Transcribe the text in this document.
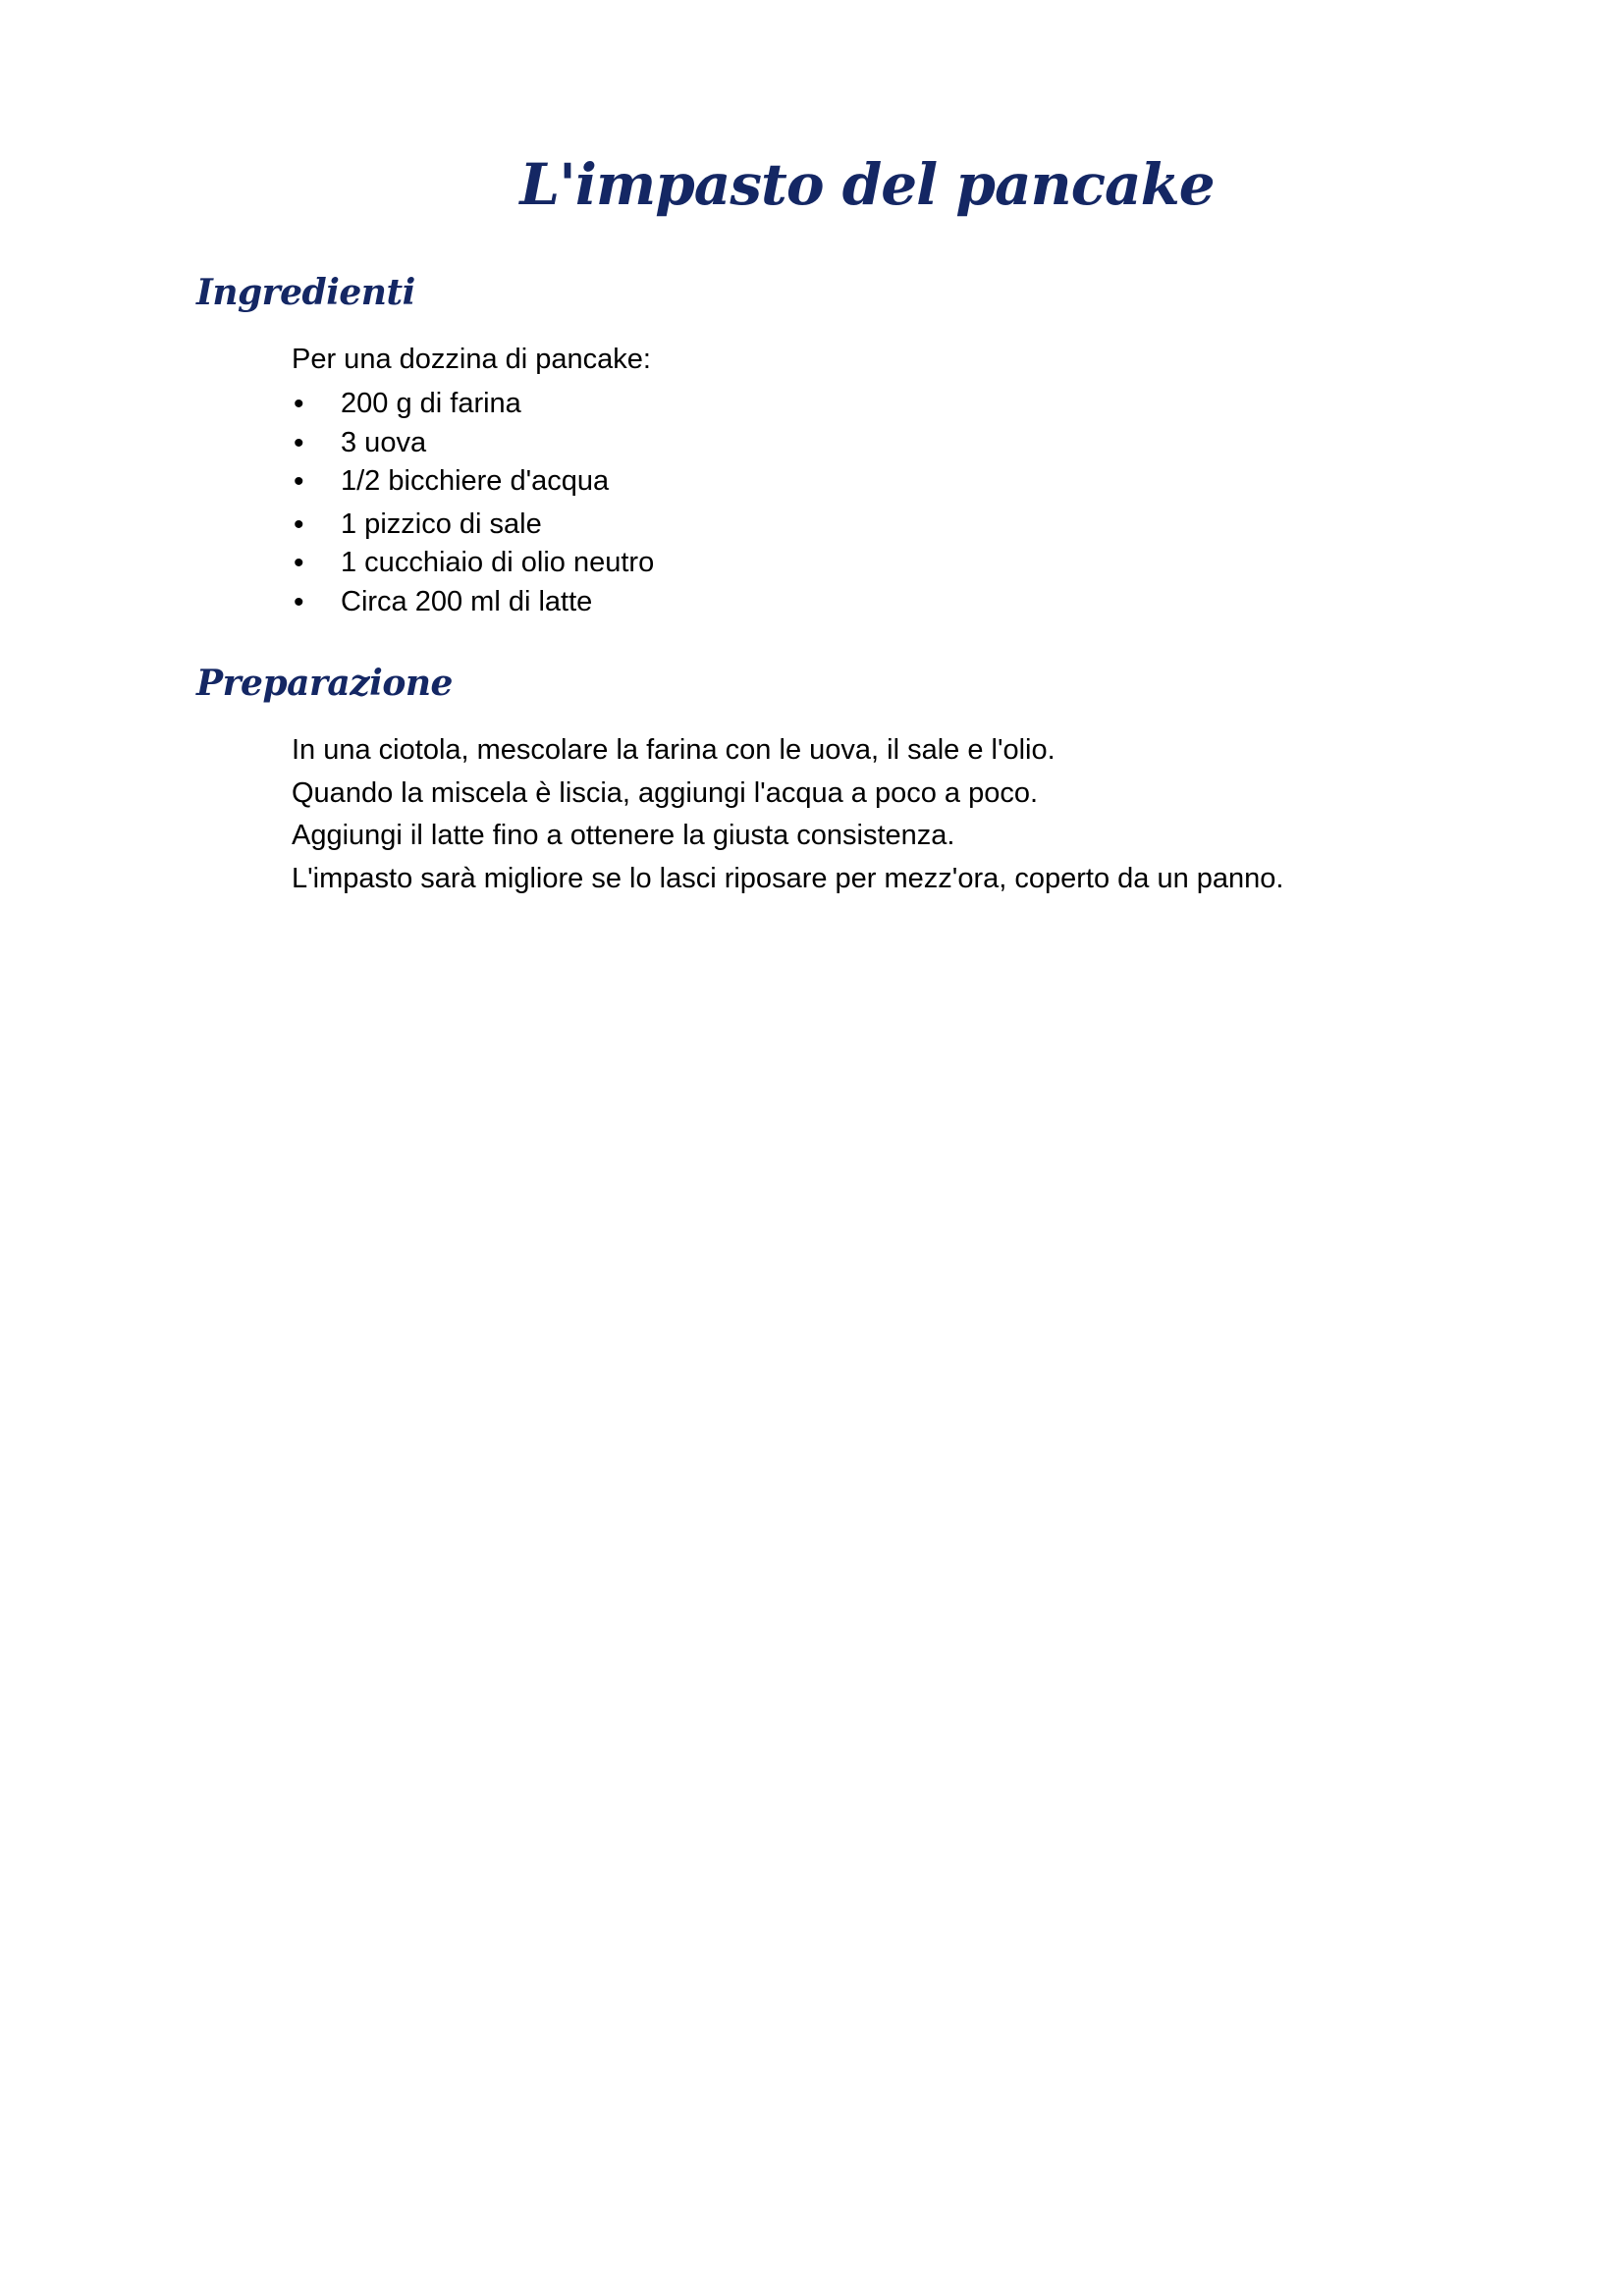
L'impasto del pancake
Ingredienti

Per una dozzina di pancake:

•	200 g di farina
•	3 uova
•	1/2 bicchiere d'acqua
•	1 pizzico di sale
•	1 cucchiaio di olio neutro
•	Circa 200 ml di latte
Preparazione

In una ciotola, mescolare la farina con le uova, il sale e l'olio.

Quando la miscela è liscia, aggiungi l'acqua a poco a poco.

Aggiungi il latte fino a ottenere la giusta consistenza.

L'impasto sarà migliore se lo lasci riposare per mezz'ora, coperto da un panno.
